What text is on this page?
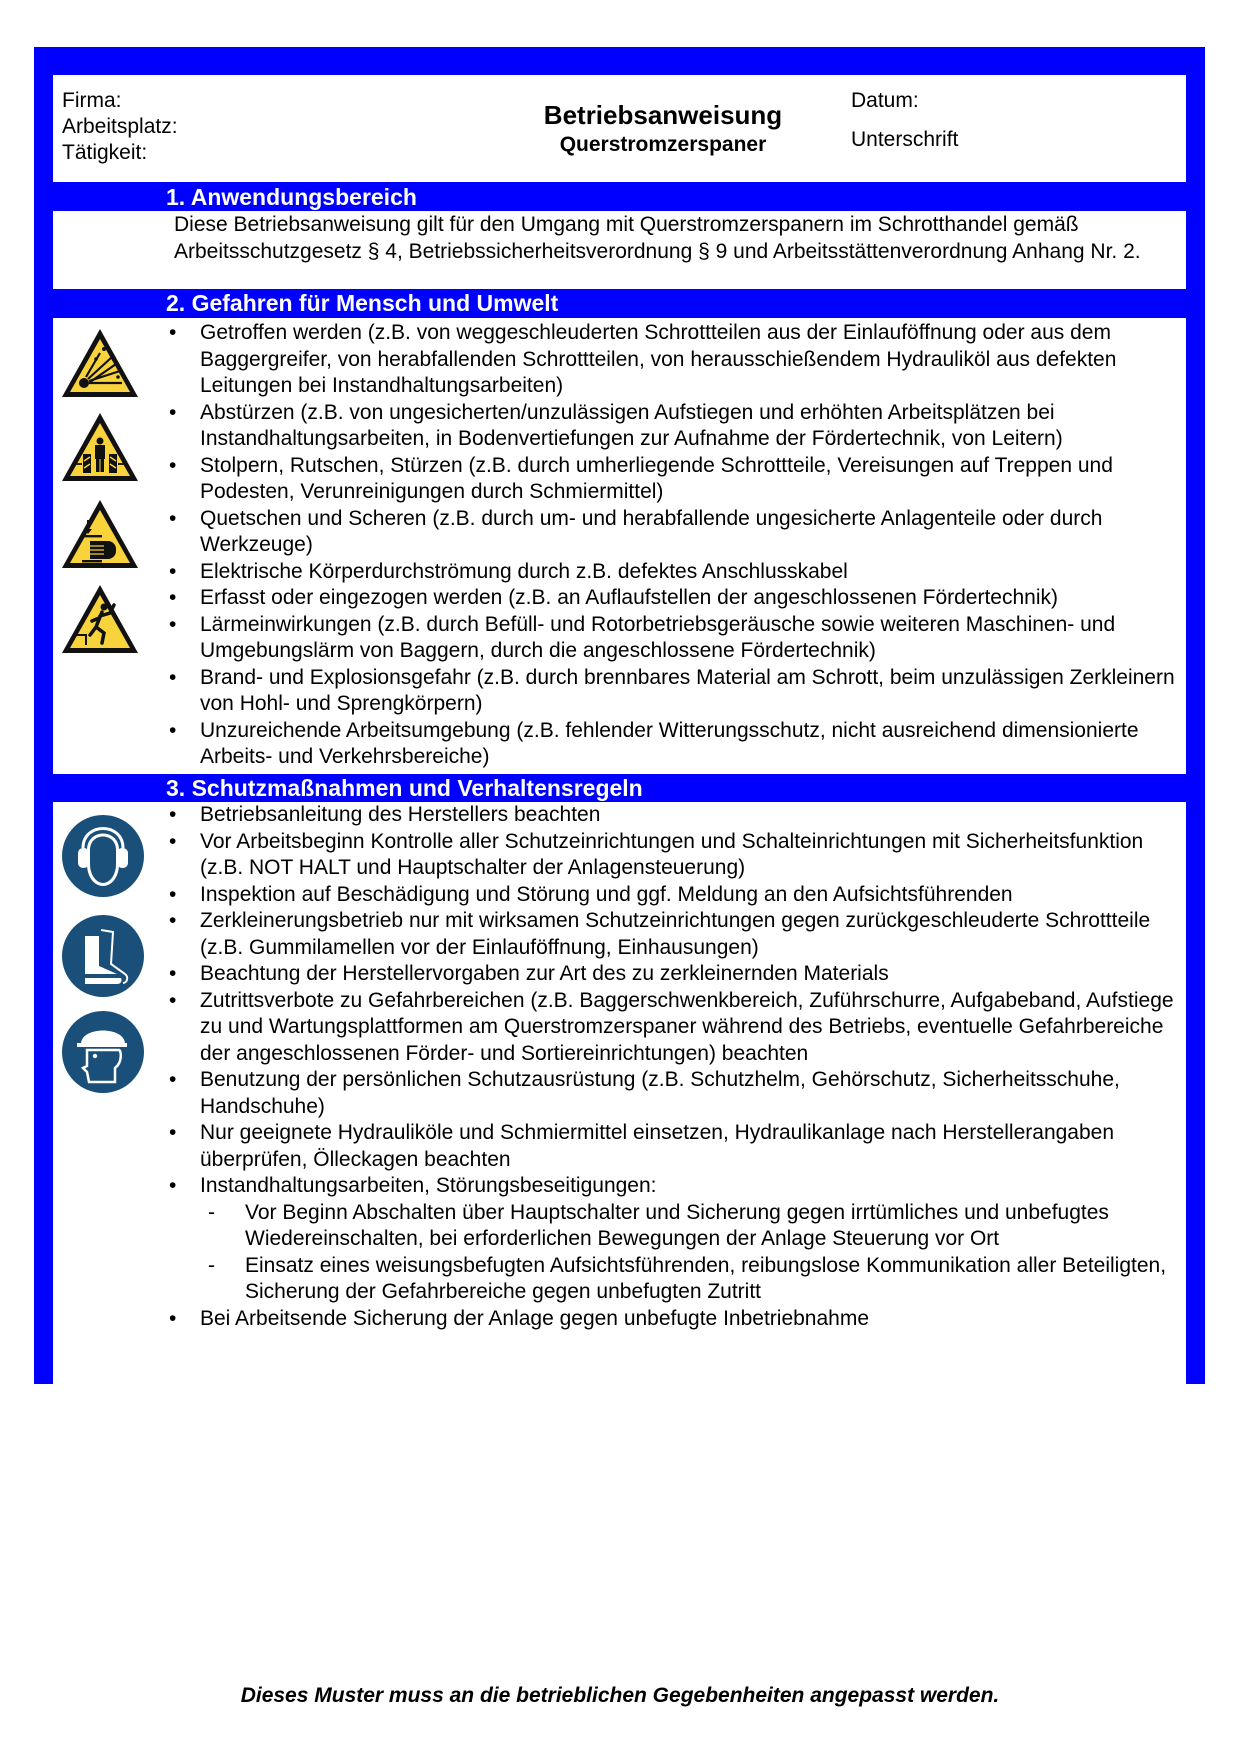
Firma:
Arbeitsplatz:
Tätigkeit:
Betriebsanweisung
Querstromzerspaner
Datum:
Unterschrift
1. Anwendungsbereich
Diese Betriebsanweisung gilt für den Umgang mit Querstromzerspanern im Schrotthandel gemäß Arbeitsschutzgesetz § 4, Betriebssicherheitsverordnung § 9 und Arbeitsstättenverordnung Anhang Nr. 2.
2. Gefahren für Mensch und Umwelt
• Getroffen werden (z.B. von weggeschleuderten Schrottteilen aus der Einlauföffnung oder aus dem Baggergreifer, von herabfallenden Schrottteilen, von herausschießendem Hydrauliköl aus defekten Leitungen bei Instandhaltungsarbeiten)
• Abstürzen (z.B. von ungesicherten/unzulässigen Aufstiegen und erhöhten Arbeitsplätzen bei Instandhaltungsarbeiten, in Bodenvertiefungen zur Aufnahme der Fördertechnik, von Leitern)
• Stolpern, Rutschen, Stürzen (z.B. durch umherliegende Schrottteile, Vereisungen auf Treppen und Podesten, Verunreinigungen durch Schmiermittel)
• Quetschen und Scheren (z.B. durch um- und herabfallende ungesicherte Anlagenteile oder durch Werkzeuge)
• Elektrische Körperdurchströmung durch z.B. defektes Anschlusskabel
• Erfasst oder eingezogen werden (z.B. an Auflaufstellen der angeschlossenen Fördertechnik)
• Lärmeinwirkungen (z.B. durch Befüll- und Rotorbetriebsgeräusche sowie weiteren Maschinen- und Umgebungslärm von Baggern, durch die angeschlossene Fördertechnik)
• Brand- und Explosionsgefahr (z.B. durch brennbares Material am Schrott, beim unzulässigen Zerkleinern von Hohl- und Sprengkörpern)
• Unzureichende Arbeitsumgebung (z.B. fehlender Witterungsschutz, nicht ausreichend dimensionierte Arbeits- und Verkehrsbereiche)
3. Schutzmaßnahmen und Verhaltensregeln
• Betriebsanleitung des Herstellers beachten
• Vor Arbeitsbeginn Kontrolle aller Schutzeinrichtungen und Schalteinrichtungen mit Sicherheitsfunktion (z.B. NOT HALT und Hauptschalter der Anlagensteuerung)
• Inspektion auf Beschädigung und Störung und ggf. Meldung an den Aufsichtsführenden
• Zerkleinerungsbetrieb nur mit wirksamen Schutzeinrichtungen gegen zurückgeschleuderte Schrottteile (z.B. Gummilamellen vor der Einlauföffnung, Einhausungen)
• Beachtung der Herstellervorgaben zur Art des zu zerkleinernden Materials
• Zutrittsverbote zu Gefahrbereichen (z.B. Baggerschwenkbereich, Zuführschurre, Aufgabeband, Aufstiege zu und Wartungsplattformen am Querstromzerspaner während des Betriebs, eventuelle Gefahrbereiche der angeschlossenen Förder- und Sortiereinrichtungen) beachten
• Benutzung der persönlichen Schutzausrüstung (z.B. Schutzhelm, Gehörschutz, Sicherheitsschuhe, Handschuhe)
• Nur geeignete Hydrauliköle und Schmiermittel einsetzen, Hydraulikanlage nach Herstellerangaben überprüfen, Ölleckagen beachten
• Instandhaltungsarbeiten, Störungsbeseitigungen:
- Vor Beginn Abschalten über Hauptschalter und Sicherung gegen irrtümliches und unbefugtes Wiedereinschalten, bei erforderlichen Bewegungen der Anlage Steuerung vor Ort
- Einsatz eines weisungsbefugten Aufsichtsführenden, reibungslose Kommunikation aller Beteiligten, Sicherung der Gefahrbereiche gegen unbefugten Zutritt
• Bei Arbeitsende Sicherung der Anlage gegen unbefugte Inbetriebnahme
Dieses Muster muss an die betrieblichen Gegebenheiten angepasst werden.
